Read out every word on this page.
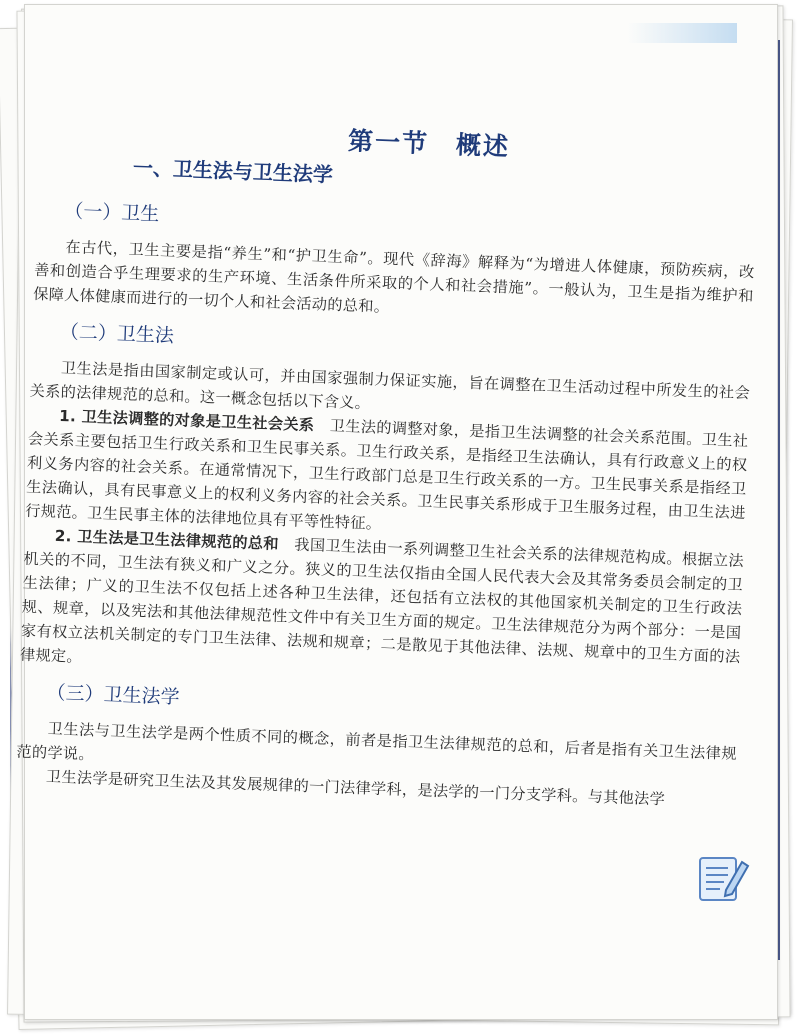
第一节　概述
一、卫生法与卫生法学
（一）卫生

在古代，卫生主要是指“养生”和“护卫生命”。现代《辞海》解释为“为增进人体健康，预防疾病，改善和创造合乎生理要求的生产环境、生活条件所采取的个人和社会措施”。一般认为，卫生是指为维护和保障人体健康而进行的一切个人和社会活动的总和。

（二）卫生法

卫生法是指由国家制定或认可，并由国家强制力保证实施，旨在调整在卫生活动过程中所发生的社会关系的法律规范的总和。这一概念包括以下含义。

1. 卫生法调整的对象是卫生社会关系　 卫生法的调整对象，是指卫生法调整的社会关系范围。卫生社会关系主要包括卫生行政关系和卫生民事关系。卫生行政关系，是指经卫生法确认，具有行政意义上的权利义务内容的社会关系。在通常情况下，卫生行政部门总是卫生行政关系的一方。卫生民事关系是指经卫生法确认，具有民事意义上的权利义务内容的社会关系。卫生民事关系形成于卫生服务过程，由卫生法进行规范。卫生民事主体的法律地位具有平等性特征。

2. 卫生法是卫生法律规范的总和　 我国卫生法由一系列调整卫生社会关系的法律规范构成。根据立法机关的不同，卫生法有狭义和广义之分。狭义的卫生法仅指由全国人民代表大会及其常务委员会制定的卫生法律；广义的卫生法不仅包括上述各种卫生法律，还包括有立法权的其他国家机关制定的卫生行政法规、规章，以及宪法和其他法律规范性文件中有关卫生方面的规定。卫生法律规范分为两个部分：一是国家有权立法机关制定的专门卫生法律、法规和规章；二是散见于其他法律、法规、规章中的卫生方面的法律规定。

（三）卫生法学

卫生法与卫生法学是两个性质不同的概念，前者是指卫生法律规范的总和，后者是指有关卫生法律规范的学说。

卫生法学是研究卫生法及其发展规律的一门法律学科，是法学的一门分支学科。与其他法学
